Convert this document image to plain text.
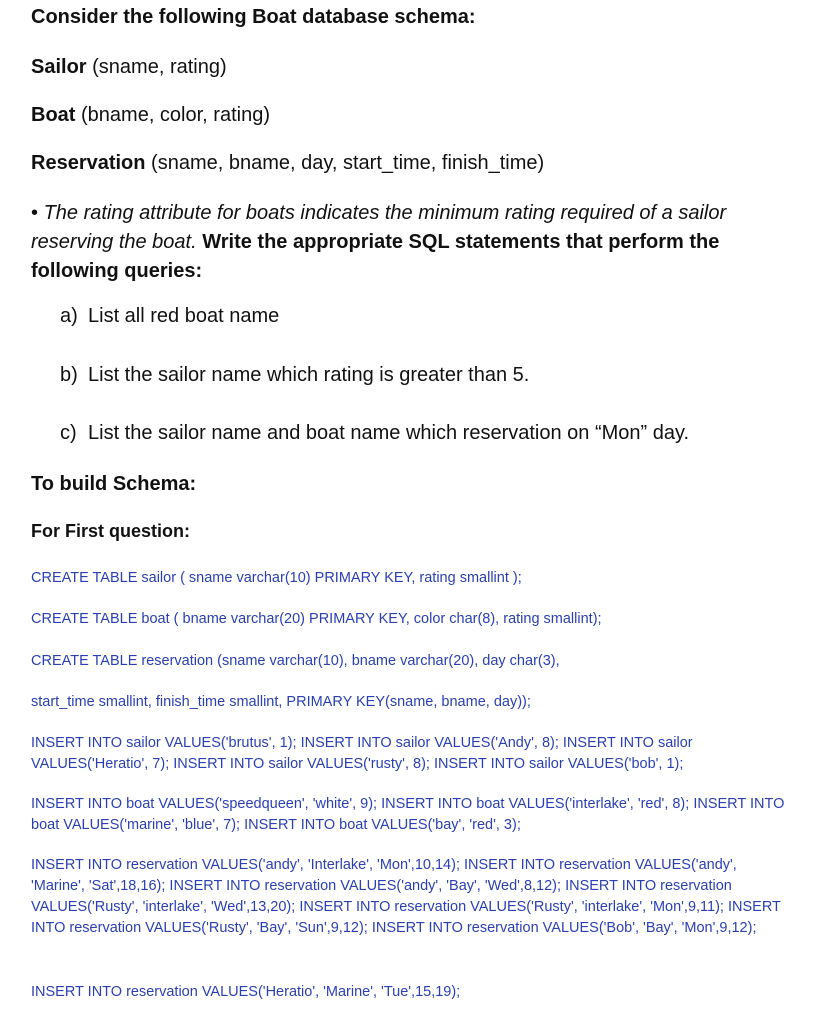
Consider the following Boat database schema:
Sailor (sname, rating)
Boat (bname, color, rating)
Reservation (sname, bname, day, start_time, finish_time)
• The rating attribute for boats indicates the minimum rating required of a sailor reserving the boat. Write the appropriate SQL statements that perform the following queries:
a) List all red boat name
b) List the sailor name which rating is greater than 5.
c) List the sailor name and boat name which reservation on “Mon” day.
To build Schema:
For First question:
CREATE TABLE sailor ( sname varchar(10) PRIMARY KEY, rating smallint );
CREATE TABLE boat ( bname varchar(20) PRIMARY KEY, color char(8), rating smallint);
CREATE TABLE reservation (sname varchar(10), bname varchar(20), day char(3),
start_time smallint, finish_time smallint, PRIMARY KEY(sname, bname, day));
INSERT INTO sailor VALUES('brutus', 1); INSERT INTO sailor VALUES('Andy', 8); INSERT INTO sailor VALUES('Heratio', 7); INSERT INTO sailor VALUES('rusty', 8); INSERT INTO sailor VALUES('bob', 1);
INSERT INTO boat VALUES('speedqueen', 'white', 9); INSERT INTO boat VALUES('interlake', 'red', 8); INSERT INTO boat VALUES('marine', 'blue', 7); INSERT INTO boat VALUES('bay', 'red', 3);
INSERT INTO reservation VALUES('andy', 'Interlake', 'Mon',10,14); INSERT INTO reservation VALUES('andy', 'Marine', 'Sat',18,16); INSERT INTO reservation VALUES('andy', 'Bay', 'Wed',8,12); INSERT INTO reservation VALUES('Rusty', 'interlake', 'Wed',13,20); INSERT INTO reservation VALUES('Rusty', 'interlake', 'Mon',9,11); INSERT INTO reservation VALUES('Rusty', 'Bay', 'Sun',9,12); INSERT INTO reservation VALUES('Bob', 'Bay', 'Mon',9,12);
INSERT INTO reservation VALUES('Heratio', 'Marine', 'Tue',15,19);
